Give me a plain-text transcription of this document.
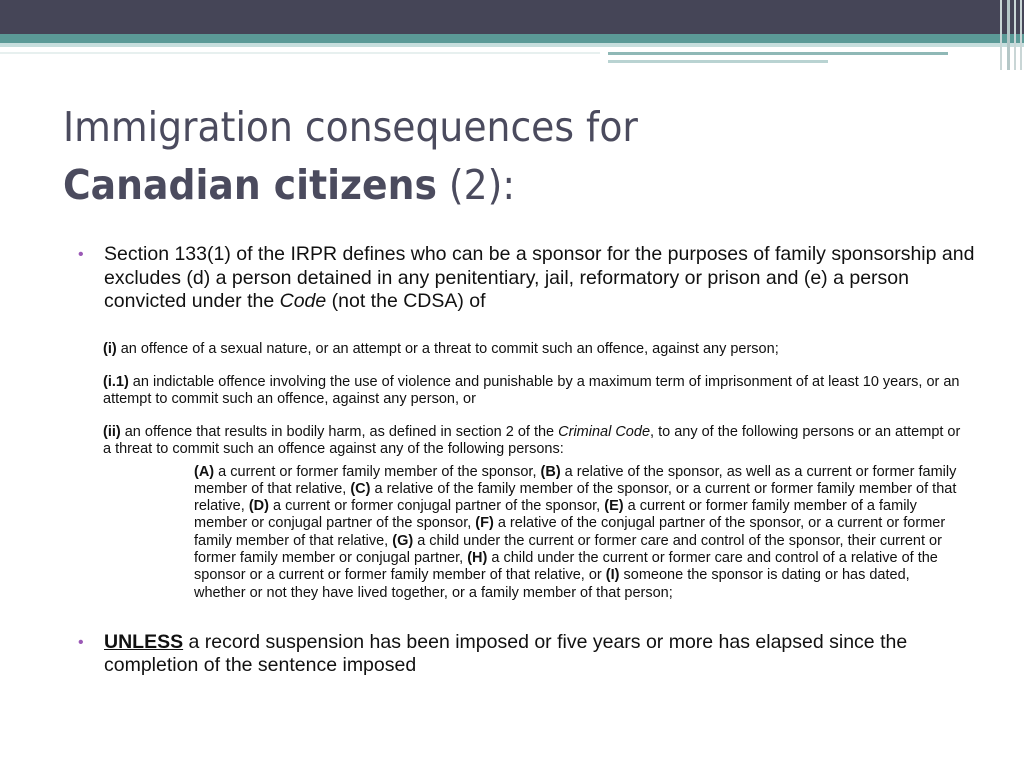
Immigration consequences for
Canadian citizens (2):
• Section 133(1) of the IRPR defines who can be a sponsor for the purposes of family sponsorship and excludes (d) a person detained in any penitentiary, jail, reformatory or prison and (e) a person convicted under the Code (not the CDSA) of
(i) an offence of a sexual nature, or an attempt or a threat to commit such an offence, against any person;
(i.1) an indictable offence involving the use of violence and punishable by a maximum term of imprisonment of at least 10 years, or an attempt to commit such an offence, against any person, or
(ii) an offence that results in bodily harm, as defined in section 2 of the Criminal Code, to any of the following persons or an attempt or a threat to commit such an offence against any of the following persons:
(A) a current or former family member of the sponsor, (B) a relative of the sponsor, as well as a current or former family member of that relative, (C) a relative of the family member of the sponsor, or a current or former family member of that relative, (D) a current or former conjugal partner of the sponsor, (E) a current or former family member of a family member or conjugal partner of the sponsor, (F) a relative of the conjugal partner of the sponsor, or a current or former family member of that relative, (G) a child under the current or former care and control of the sponsor, their current or former family member or conjugal partner, (H) a child under the current or former care and control of a relative of the sponsor or a current or former family member of that relative, or (I) someone the sponsor is dating or has dated, whether or not they have lived together, or a family member of that person;
• UNLESS a record suspension has been imposed or five years or more has elapsed since the completion of the sentence imposed
